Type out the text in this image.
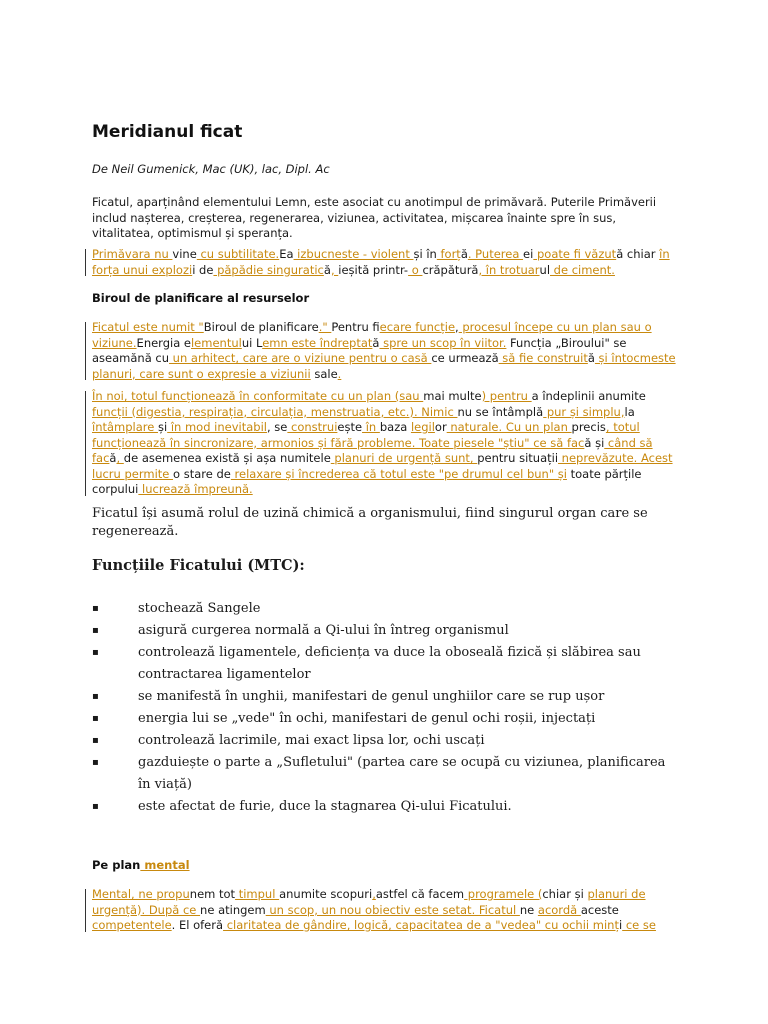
Meridianul ficat

De Neil Gumenick, Mac (UK), lac, Dipl. Ac

Ficatul, aparținând elementului Lemn, este asociat cu anotimpul de primăvară. Puterile Primăverii includ nașterea, creșterea, regenerarea, viziunea, activitatea, mișcarea înainte spre în sus, vitalitatea, optimismul și speranța.

Primăvara nu vine cu subtilitate.Ea izbucneste - violent și în forță. Puterea ei poate fi văzută chiar în forța unui explozii de păpădie singuratică, ieșită printr- o crăpătură, în trotuarul de ciment.

Biroul de planificare al resurselor

Ficatul este numit "Biroul de planificare." Pentru fiecare funcție, procesul începe cu un plan sau o viziune.Energia elementului Lemn este îndreptată spre un scop în viitor. Funcția „Biroului" se aseamănă cu un arhitect, care are o viziune pentru o casă ce urmează să fie construită și întocmeste planuri, care sunt o expresie a viziunii sale.

În noi, totul funcționează în conformitate cu un plan (sau mai multe) pentru a îndeplinii anumite funcții (digestia, respirația, circulația, menstruatia, etc.). Nimic nu se întâmplă pur și simplu,la întâmplare și în mod inevitabil, se construiește în baza legilor naturale. Cu un plan precis, totul funcționează în sincronizare, armonios și fără probleme. Toate piesele "știu" ce să facă și când să facă, de asemenea există și așa numitele planuri de urgență sunt, pentru situații neprevăzute. Acest lucru permite o stare de relaxare și încrederea că totul este "pe drumul cel bun" și toate părțile corpului lucrează împreună.

Ficatul își asumă rolul de uzină chimică a organismului, fiind singurul organ care se regenerează.

Funcțiile Ficatului (MTC):
▪	stochează Sangele
▪	asigură curgerea normală a Qi-ului în întreg organismul
▪	controlează ligamentele, deficiența va duce la oboseală fizică și slăbirea sau contractarea ligamentelor
▪	se manifestă în unghii, manifestari de genul unghiilor care se rup ușor
▪	energia lui se „vede" în ochi, manifestari de genul ochi roșii, injectați
▪	controlează lacrimile, mai exact lipsa lor, ochi uscați
▪	gazduiește o parte a „Sufletului" (partea care se ocupă cu viziunea, planificarea în viață)
▪	este afectat de furie, duce la stagnarea Qi-ului Ficatului.
Pe plan mental

Mental, ne propunem tot timpul anumite scopuri,astfel că facem programele (chiar și planuri de urgență). După ce ne atingem un scop, un nou obiectiv este setat. Ficatul ne acordă aceste competentele. El oferă claritatea de gândire, logică, capacitatea de a "vedea" cu ochii minți ce se
